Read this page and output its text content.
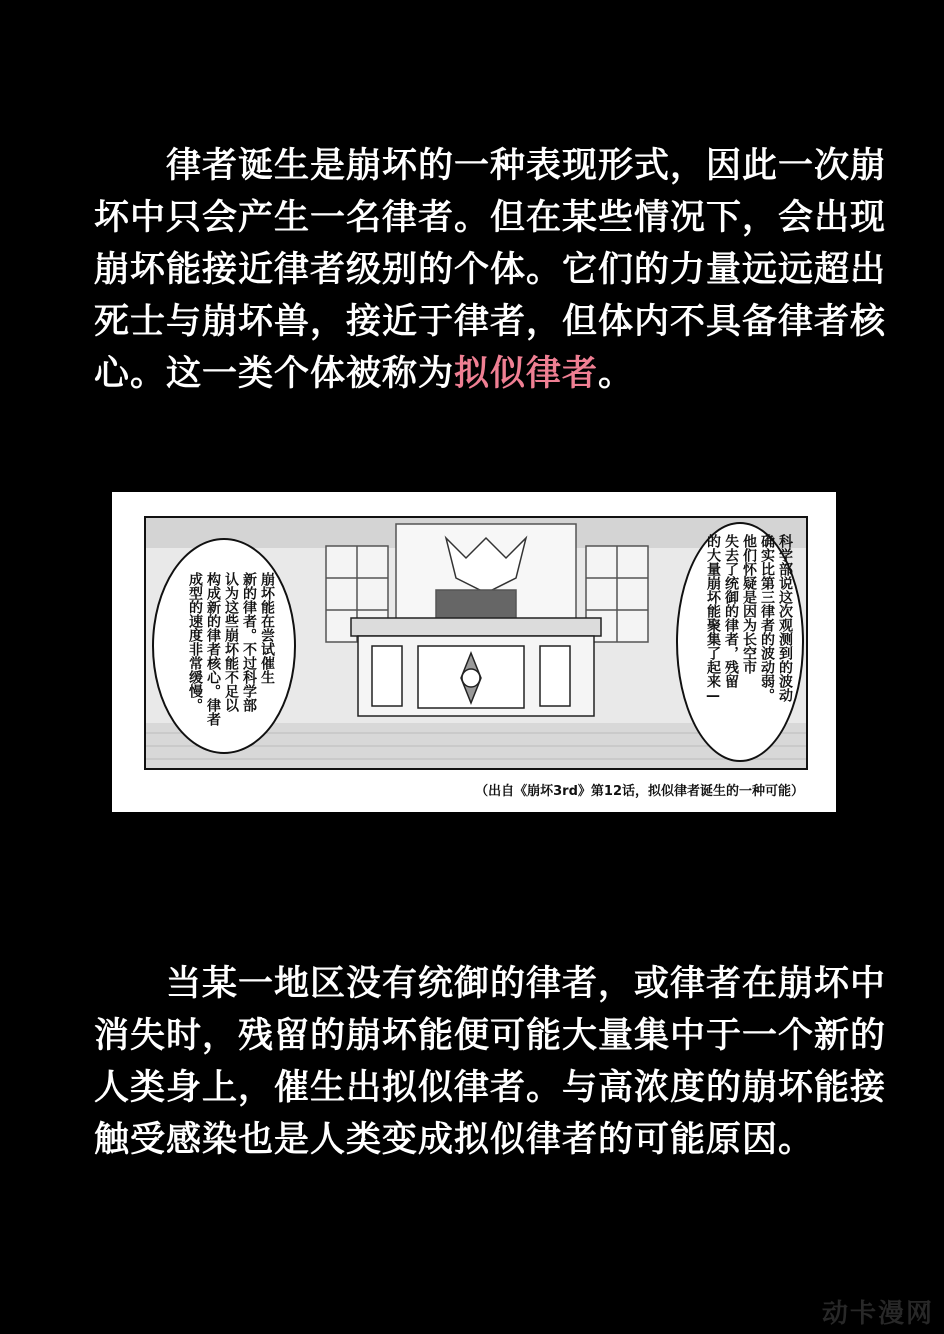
　　律者诞生是崩坏的一种表现形式，因此一次崩

坏中只会产生一名律者。但在某些情况下，会出现

崩坏能接近律者级别的个体。它们的力量远远超出

死士与崩坏兽，接近于律者，但体内不具备律者核

心。这一类个体被称为拟似律者。

崩坏能在尝试催生
新的律者。不过科学部
认为这些崩坏能不足以
构成新的律者核心。律者
成型的速度非常缓慢。	科学部说这次观测到的波动
确实比第三律者的波动弱。
他们怀疑是因为长空市
失去了统御的律者，残留
的大量崩坏能聚集了起来—
（出自《崩坏3rd》第12话，拟似律者诞生的一种可能）

　　当某一地区没有统御的律者，或律者在崩坏中

消失时，残留的崩坏能便可能大量集中于一个新的

人类身上，催生出拟似律者。与高浓度的崩坏能接

触受感染也是人类变成拟似律者的可能原因。

动卡漫网
